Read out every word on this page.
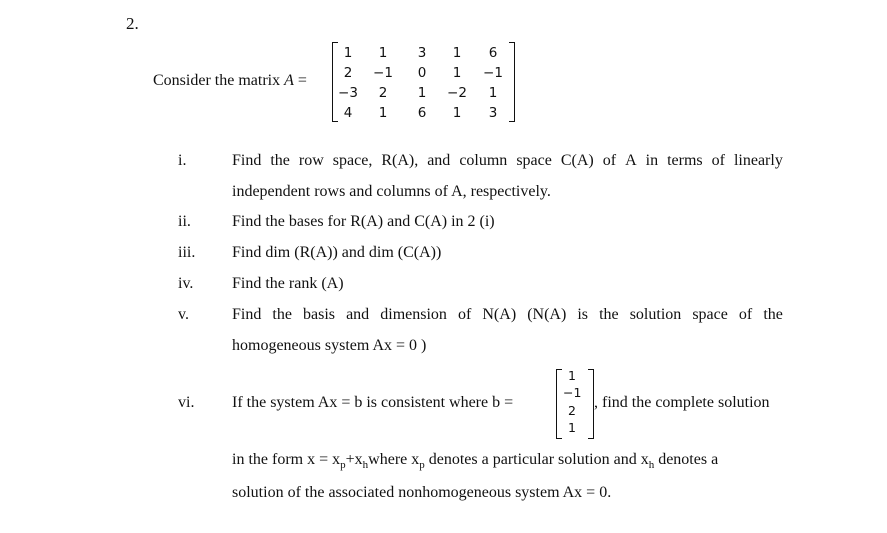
2.
Consider the matrix A =
1	1	3	1	6
2	−1	0	1	−1
−3	2	1	−2	1
4	1	6	1	3
i.	Find the row space, R(A), and column space C(A) of A in terms of linearly
independent rows and columns of A, respectively.
ii.	Find the bases for R(A) and C(A) in 2 (i)
iii. Find dim (R(A)) and dim (C(A))
iv. Find the rank (A)
v.	Find the basis and dimension of N(A) (N(A) is the solution space of the
homogeneous system Ax = 0 )
vi. If the system Ax = b is consistent where b =
1
−1
2
1
, find the complete solution
in the form $x = x_p+x_hwhere$ $x_p$ denotes a particular solution and $x_h$ denotes a
solution of the associated nonhomogeneous system Ax = 0.
